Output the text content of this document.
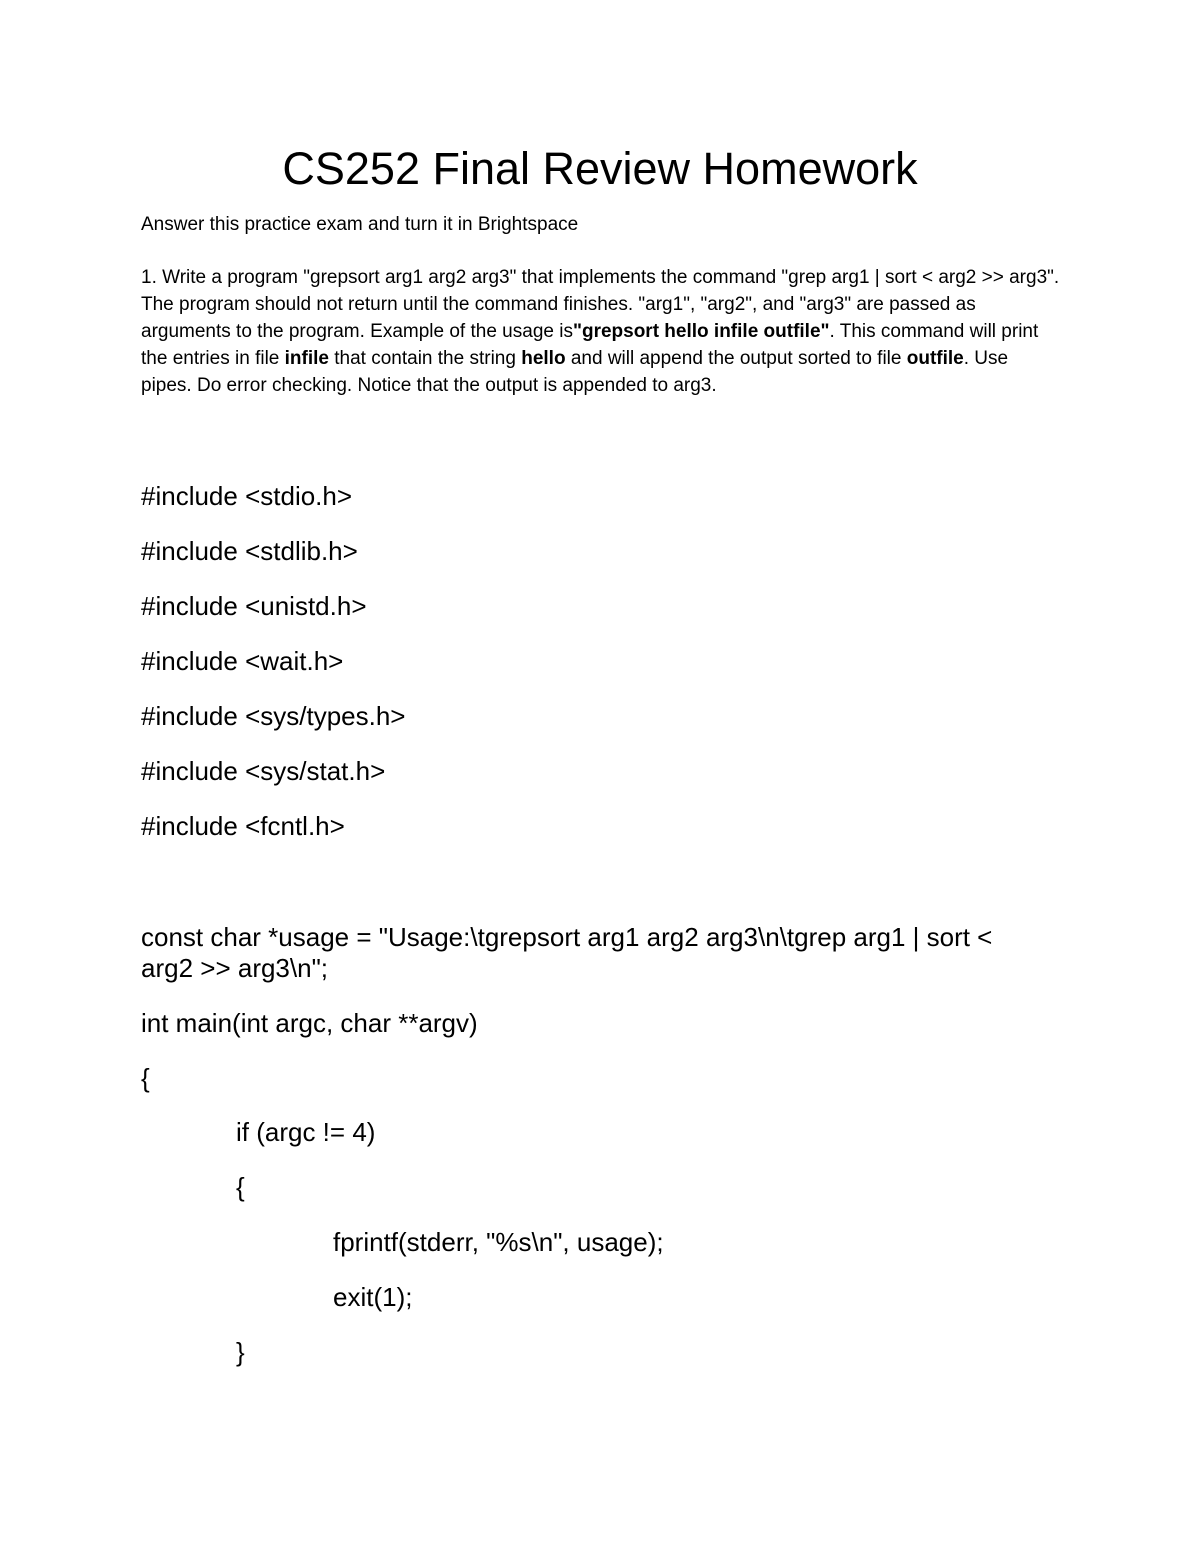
CS252 Final Review Homework

Answer this practice exam and turn it in Brightspace

1. Write a program "grepsort arg1 arg2 arg3" that implements the command "grep arg1 | sort < arg2 >> arg3". The program should not return until the command finishes. "arg1", "arg2", and "arg3" are passed as arguments to the program. Example of the usage is"grepsort hello infile outfile". This command will print the entries in file infile that contain the string hello and will append the output sorted to file outfile. Use pipes. Do error checking. Notice that the output is appended to arg3.

#include <stdio.h>
#include <stdlib.h>
#include <unistd.h>
#include <wait.h>
#include <sys/types.h>
#include <sys/stat.h>
#include <fcntl.h>
const char *usage = "Usage:\tgrepsort arg1 arg2 arg3\n\tgrep arg1 | sort < arg2 >> arg3\n";
int main(int argc, char **argv)
{
if (argc != 4)
{
fprintf(stderr, "%s\n", usage);
exit(1);
}
